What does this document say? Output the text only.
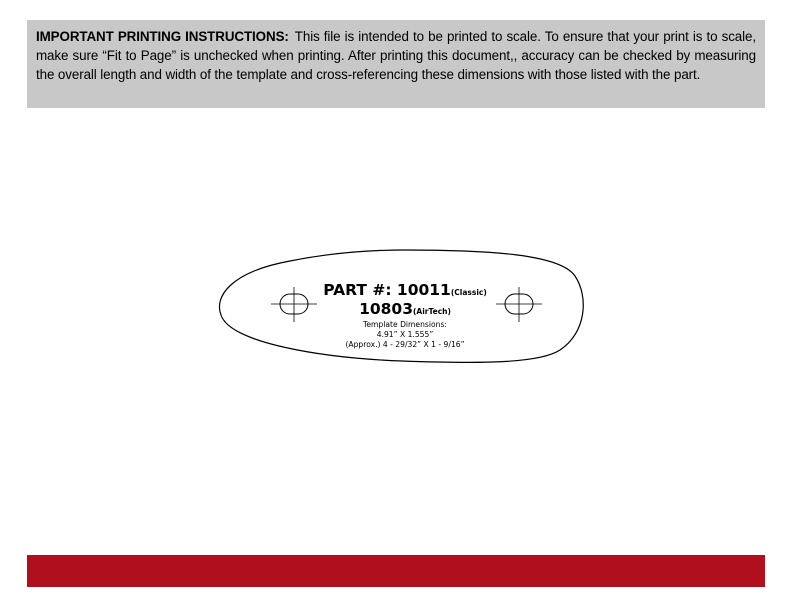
IMPORTANT PRINTING INSTRUCTIONS: This file is intended to be printed to scale. To ensure that your print is to scale, make sure “Fit to Page” is unchecked when printing. After printing this document,, accuracy can be checked by measuring the overall length and width of the template and cross-referencing these dimensions with those listed with the part.
PART #: 10011(Classic)
10803(AirTech)
Template Dimensions:
4.91” X 1.555”
(Approx.) 4 - 29/32” X 1 - 9/16”
